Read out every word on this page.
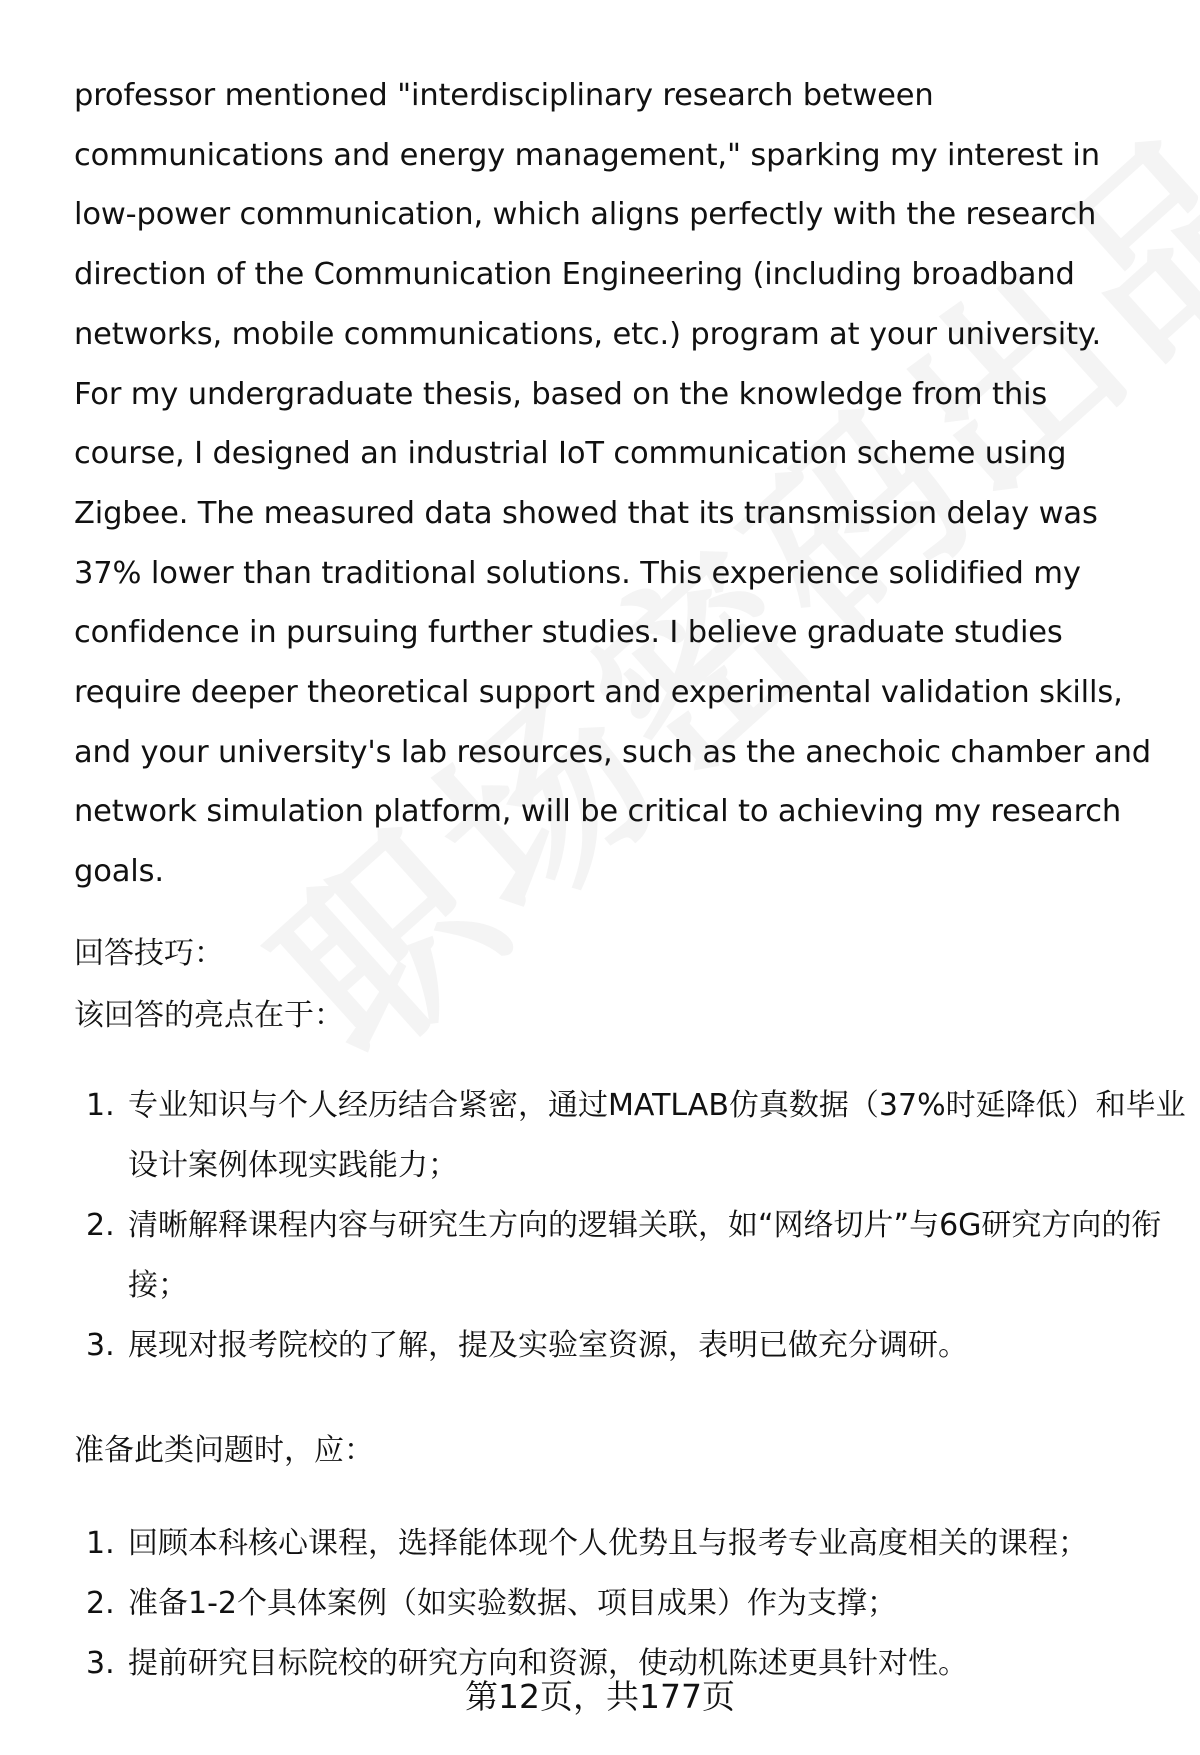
professor mentioned "interdisciplinary research between communications and energy management," sparking my interest in low-power communication, which aligns perfectly with the research direction of the Communication Engineering (including broadband networks, mobile communications, etc.) program at your university. For my undergraduate thesis, based on the knowledge from this course, I designed an industrial IoT communication scheme using Zigbee. The measured data showed that its transmission delay was 37% lower than traditional solutions. This experience solidified my confidence in pursuing further studies. I believe graduate studies require deeper theoretical support and experimental validation skills, and your university's lab resources, such as the anechoic chamber and network simulation platform, will be critical to achieving my research goals.

回答技巧：

该回答的亮点在于：

1. 专业知识与个人经历结合紧密，通过MATLAB仿真数据（37%时延降低）和毕业设计案例体现实践能力；
2. 清晰解释课程内容与研究生方向的逻辑关联，如“网络切片”与6G研究方向的衔接；
3. 展现对报考院校的了解，提及实验室资源，表明已做充分调研。

准备此类问题时，应：

1. 回顾本科核心课程，选择能体现个人优势且与报考专业高度相关的课程；
2. 准备1-2个具体案例（如实验数据、项目成果）作为支撑；
3. 提前研究目标院校的研究方向和资源，使动机陈述更具针对性。
第12页，共177页
